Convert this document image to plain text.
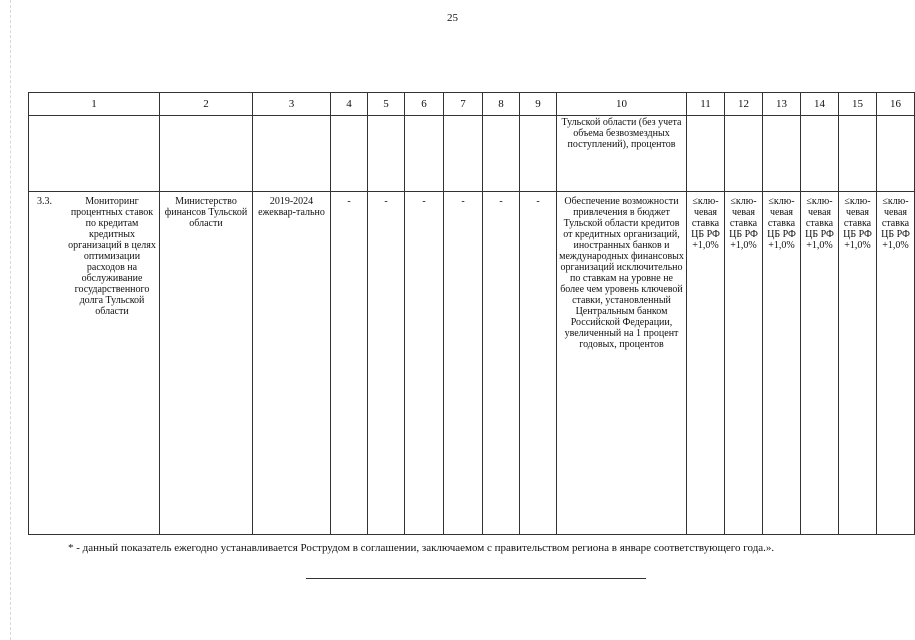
25
1	2	3	4	5	6	7	8	9	10	11	12	13	14	15	16
									Тульской области (без учета объема безвозмездных поступлений), процентов						

3.3. Мониторинг процентных ставок по кредитам кредитных организаций в целях оптимизации расходов на обслуживание государственного долга Тульской области	Министерство финансов Тульской области	2019-2024 ежеквар-тально	-	-	-	-	-	-	Обеспечение возможности привлечения в бюджет Тульской области кредитов от кредитных организаций, иностранных банков и международных финансовых организаций исключительно по ставкам на уровне не более чем уровень ключевой ставки, установленный Центральным банком Российской Федерации, увеличенный на 1 процент годовых, процентов	≤клю-чевая ставка ЦБ РФ +1,0%	≤клю-чевая ставка ЦБ РФ +1,0%	≤клю-чевая ставка ЦБ РФ +1,0%	≤клю-чевая ставка ЦБ РФ +1,0%	≤клю-чевая ставка ЦБ РФ +1,0%	≤клю-чевая ставка ЦБ РФ +1,0%
* - данный показатель ежегодно устанавливается Рострудом в соглашении, заключаемом с правительством региона в январе соответствующего года.».
